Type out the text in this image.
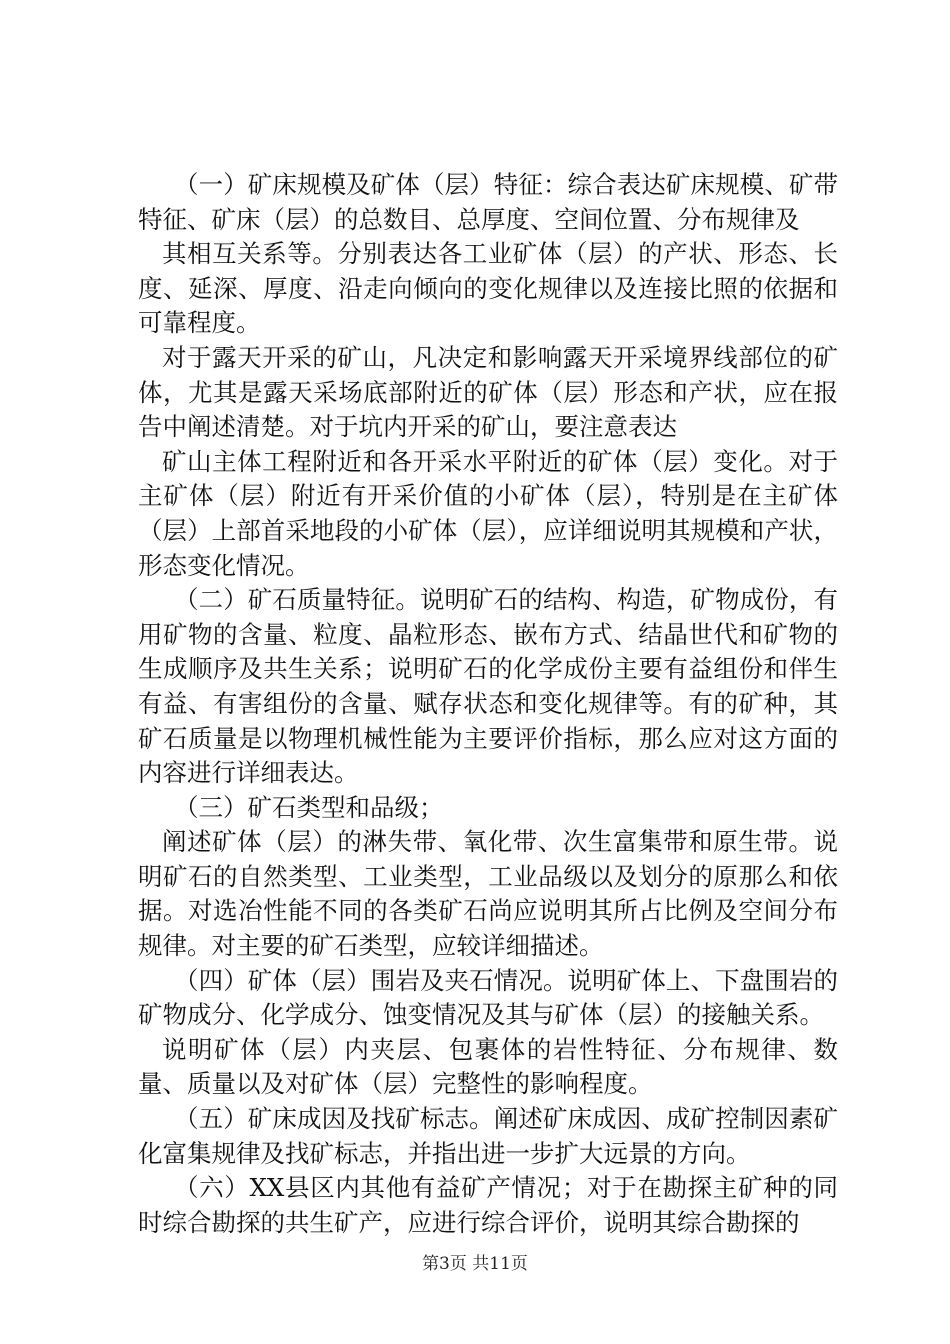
（一）矿床规模及矿体（层）特征：综合表达矿床规模、矿带特征、矿床（层）的总数目、总厚度、空间位置、分布规律及

其相互关系等。分别表达各工业矿体（层）的产状、形态、长度、延深、厚度、沿走向倾向的变化规律以及连接比照的依据和可靠程度。

对于露天开采的矿山，凡决定和影响露天开采境界线部位的矿体，尤其是露天采场底部附近的矿体（层）形态和产状，应在报告中阐述清楚。对于坑内开采的矿山，要注意表达

矿山主体工程附近和各开采水平附近的矿体（层）变化。对于主矿体（层）附近有开采价值的小矿体（层），特别是在主矿体（层）上部首采地段的小矿体（层），应详细说明其规模和产状，形态变化情况。

（二）矿石质量特征。说明矿石的结构、构造，矿物成份，有用矿物的含量、粒度、晶粒形态、嵌布方式、结晶世代和矿物的生成顺序及共生关系；说明矿石的化学成份主要有益组份和伴生有益、有害组份的含量、赋存状态和变化规律等。有的矿种，其矿石质量是以物理机械性能为主要评价指标，那么应对这方面的内容进行详细表达。

（三）矿石类型和品级；

阐述矿体（层）的淋失带、氧化带、次生富集带和原生带。说明矿石的自然类型、工业类型，工业品级以及划分的原那么和依据。对选冶性能不同的各类矿石尚应说明其所占比例及空间分布规律。对主要的矿石类型，应较详细描述。

（四）矿体（层）围岩及夹石情况。说明矿体上、下盘围岩的矿物成分、化学成分、蚀变情况及其与矿体（层）的接触关系。

说明矿体（层）内夹层、包裹体的岩性特征、分布规律、数量、质量以及对矿体（层）完整性的影响程度。

（五）矿床成因及找矿标志。阐述矿床成因、成矿控制因素矿化富集规律及找矿标志，并指出进一步扩大远景的方向。

（六）XX县区内其他有益矿产情况；对于在勘探主矿种的同时综合勘探的共生矿产，应进行综合评价，说明其综合勘探的

第3页 共11页
